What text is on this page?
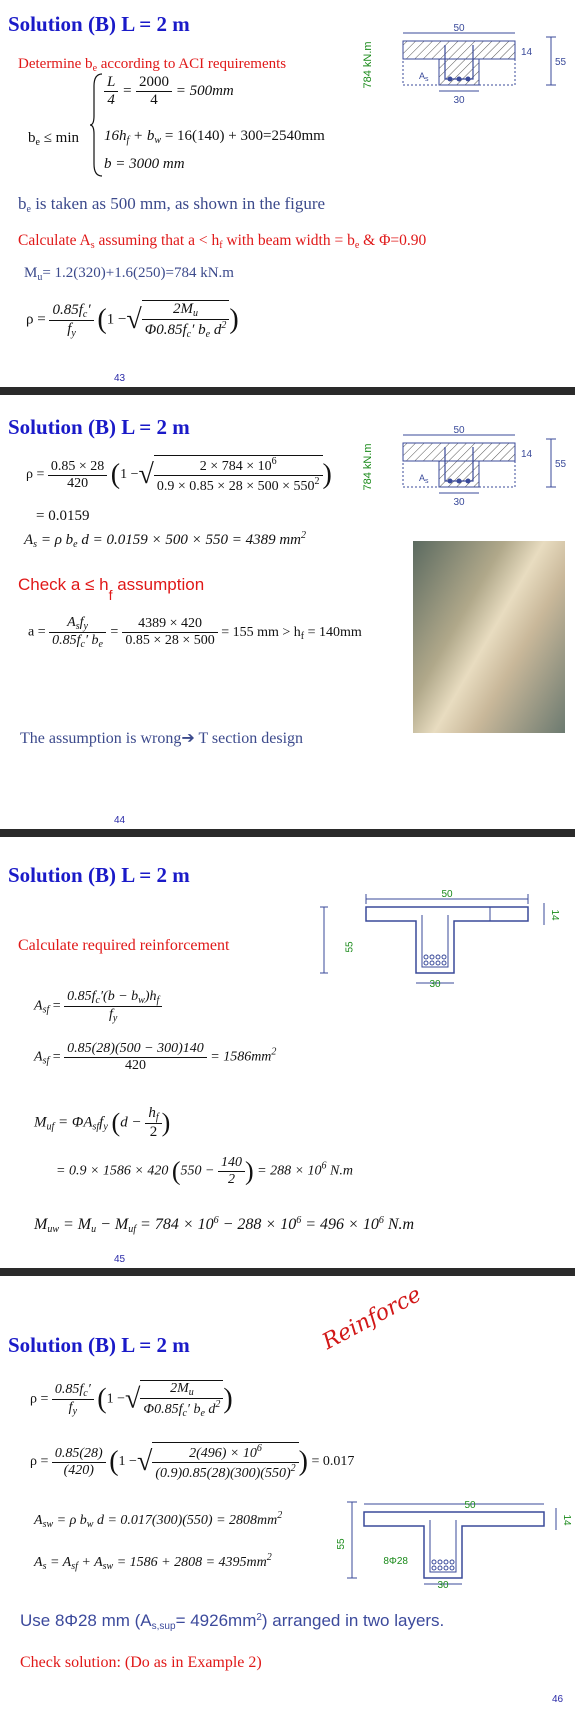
Solution (B) L = 2 m
784 kN.m
50
$A_s$
30
14
55
Determine $b_e$ according to ACI requirements
$b_e \le \min$
$\frac{L}{4} = \frac{2000}{4} = 500mm$
$16h_f + b_w = 16(140) + 300=2540mm$
b = 3000 mm
$b_e$ is taken as 500 mm, as shown in the figure
Calculate $A_s$ assuming that $a < h_f$ with beam width = $b_e$ & Φ=0.90
$M_u= 1.2(320)+1.6(250)=784$ kN.m
$\rho = \frac{0.85f_c'}{f_y} (1$ −√ $\frac{2M_u}{\Phi 0.85f_c' b_e d^2}$ )
43
Solution (B) L = 2 m
784 kN.m
50
$A_s$
30
14
55
$\rho = \frac{0.85 \times 28}{420} (1$ −√ $\frac{2 \times 784 \times 10^6}{0.9 \times 0.85 \times 28 \times 500 \times 550^2}$ )
= 0.0159
$A_s = \rho$ $b_e$ d = 0.0159 × 500 × 550 = 4389 $mm^2$
Check $a \le h_f$ assumption
$a = \frac{A_sf_y}{0.85f_c' b_e} = \frac{4389 \times 420}{0.85 \times 28 \times 500} = 155$ mm > $h_f = 140mm$
The assumption is wrong➔ T section design
44
Solution (B) L = 2 m
50
30
14
55
Calculate required reinforcement
$A_{sf} = \frac{0.85f_c'(b - b_w)h_f}{f_y}$
$A_{sf} = \frac{0.85(28)(500 - 300)140}{420} = 1586mm^2$
$M_{uf} = \Phi A_{sf}f_y$ ($d - \frac{h_f}{2}$ )
= 0.9 × 1586 × 420 ($550 - \frac{140}{2}$ ) = $288 \times 10^6$ N.m
$M_{uw} = M_u - M_{uf} = 784 \times 10^6 - 288 \times 10^6 = 496 \times 10^6$ N.m
45
Solution (B) L = 2 m	Reinforce
$\rho = \frac{0.85f_c'}{f_y} (1$ −√ $\frac{2M_u}{\Phi 0.85f_c' b_e d^2}$ )
$\rho = \frac{0.85(28)}{(420)} (1$ −√ $\frac{2(496) \times 10^6}{(0.9)0.85(28)(300)(550)^2}$ ) = 0.017
50
8Φ28
30
14
55
$A_{sw} = \rho$ $b_w$ $d = 0.017(300)(550) = 2808mm^2$
$A_s = A_{sf} + A_{sw} = 1586 + 2808 = 4395mm^2$
Use 8Φ28 mm $(A_{s,sup}= 4926mm^2)$ arranged in two layers.
Check solution: (Do as in Example 2)
46
